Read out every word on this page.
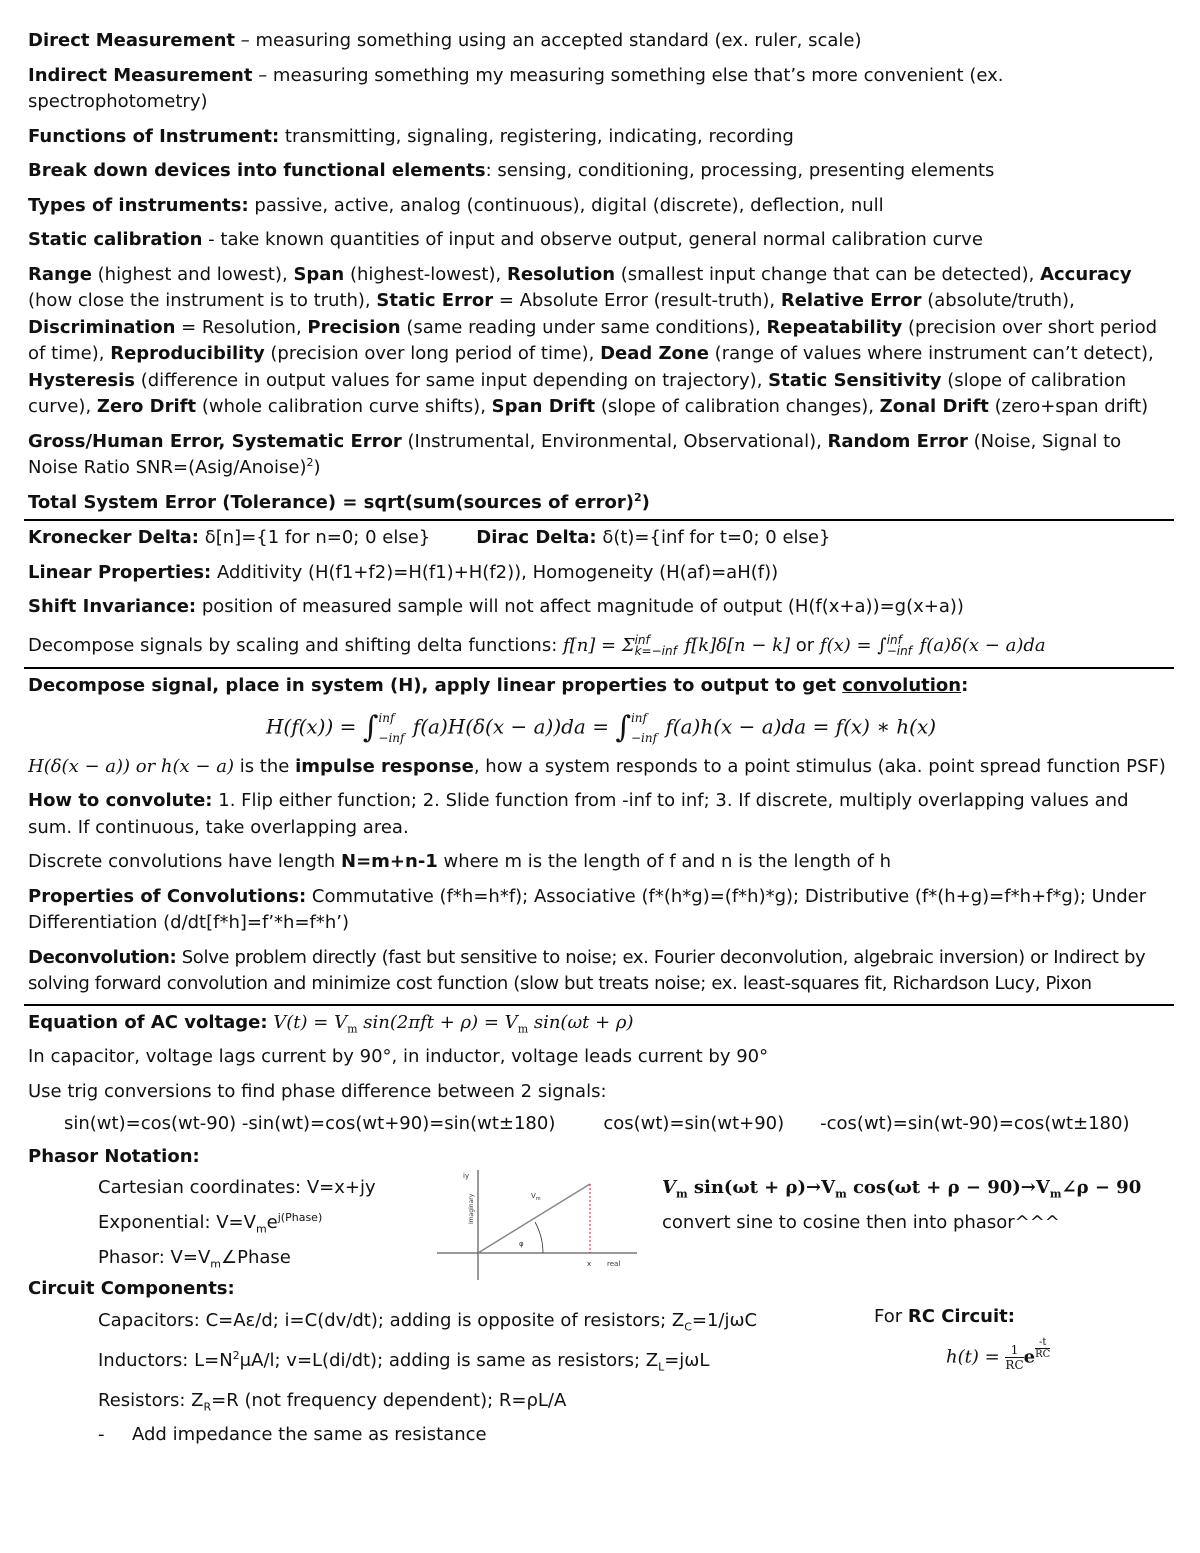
Direct Measurement – measuring something using an accepted standard (ex. ruler, scale)

Indirect Measurement – measuring something my measuring something else that’s more convenient (ex. spectrophotometry)

Functions of Instrument: transmitting, signaling, registering, indicating, recording

Break down devices into functional elements: sensing, conditioning, processing, presenting elements

Types of instruments: passive, active, analog (continuous), digital (discrete), deflection, null

Static calibration - take known quantities of input and observe output, general normal calibration curve

Range (highest and lowest), Span (highest-lowest), Resolution (smallest input change that can be detected), Accuracy (how close the instrument is to truth), Static Error = Absolute Error (result-truth), Relative Error (absolute/truth), Discrimination = Resolution, Precision (same reading under same conditions), Repeatability (precision over short period of time), Reproducibility (precision over long period of time), Dead Zone (range of values where instrument can’t detect), Hysteresis (difference in output values for same input depending on trajectory), Static Sensitivity (slope of calibration curve), Zero Drift (whole calibration curve shifts), Span Drift (slope of calibration changes), Zonal Drift (zero+span drift)

Gross/Human Error, Systematic Error (Instrumental, Environmental, Observational), Random Error (Noise, Signal to Noise Ratio SNR=(Asig/Anoise)$^2$)

Total System Error (Tolerance) = sqrt(sum(sources of error)$^2$)

Kronecker Delta: δ[n]={1 for n=0; 0 else}	Dirac Delta: δ(t)={inf for t=0; 0 else}

Linear Properties: Additivity (H(f1+f2)=H(f1)+H(f2)), Homogeneity (H(af)=aH(f))

Shift Invariance: position of measured sample will not affect magnitude of output (H(f(x+a))=g(x+a))

Decompose signals by scaling and shifting delta functions: f[n] = Σ inf
k=−inf f[k]δ[n − k] or f(x) = ∫ inf
−inf f(a)δ(x − a)da

Decompose signal, place in system (H), apply linear properties to output to get convolution:

H(f(x)) = ∫ inf
−inf f(a)H(δ(x − a))da = ∫ inf
−inf f(a)h(x − a)da = f(x) ∗ h(x)

H(δ(x − a)) or h(x − a) is the impulse response, how a system responds to a point stimulus (aka. point spread function PSF)

How to convolute: 1. Flip either function; 2. Slide function from -inf to inf; 3. If discrete, multiply overlapping values and sum. If continuous, take overlapping area.

Discrete convolutions have length N=m+n-1 where m is the length of f and n is the length of h

Properties of Convolutions: Commutative (f*h=h*f); Associative (f*(h*g)=(f*h)*g); Distributive (f*(h+g)=f*h+f*g); Under Differentiation (d/dt[f*h]=f’*h=f*h’)

Deconvolution: Solve problem directly (fast but sensitive to noise; ex. Fourier deconvolution, algebraic inversion) or Indirect by solving forward convolution and minimize cost function (slow but treats noise; ex. least-squares fit, Richardson Lucy, Pixon

Equation of AC voltage: $V(t) = V_m$ $\sin(2\pi ft + \rho) = V_m$ sin(ωt + ρ)

In capacitor, voltage lags current by 90°, in inductor, voltage leads current by 90°

Use trig conversions to find phase difference between 2 signals:

sin(wt)=cos(wt-90) -sin(wt)=cos(wt+90)=sin(wt±180)	cos(wt)=sin(wt+90) -cos(wt)=sin(wt-90)=cos(wt±180)

Phasor Notation:

Cartesian coordinates: V=x+jy

Exponential: $V=V_me^{j(Phase)}$

Phasor: $V=V_m\angle Phase$

iy
Imaginary	$V_m$
φ
x real

$V_m$ $\sin(\omega t + \rho)\to V_m$ $\cos(\omega t + \rho - 90)\to V_m\angle\rho - 90$

convert sine to cosine then into phasor^^^

Circuit Components:

Capacitors: C=Aε/d; i=C(dv/dt); adding is opposite of resistors; $Z_C=1$/jωC

Inductors: $L=N^2\mu A/l$; v=L(di/dt); adding is same as resistors; $Z_L=j\omega L$

Resistors: $Z_R=R$ (not frequency dependent); R=ρL/A

- Add impedance the same as resistance

For RC Circuit:
$h(t) = \frac{1}{RC}$ e $\frac{-t}{RC}$
